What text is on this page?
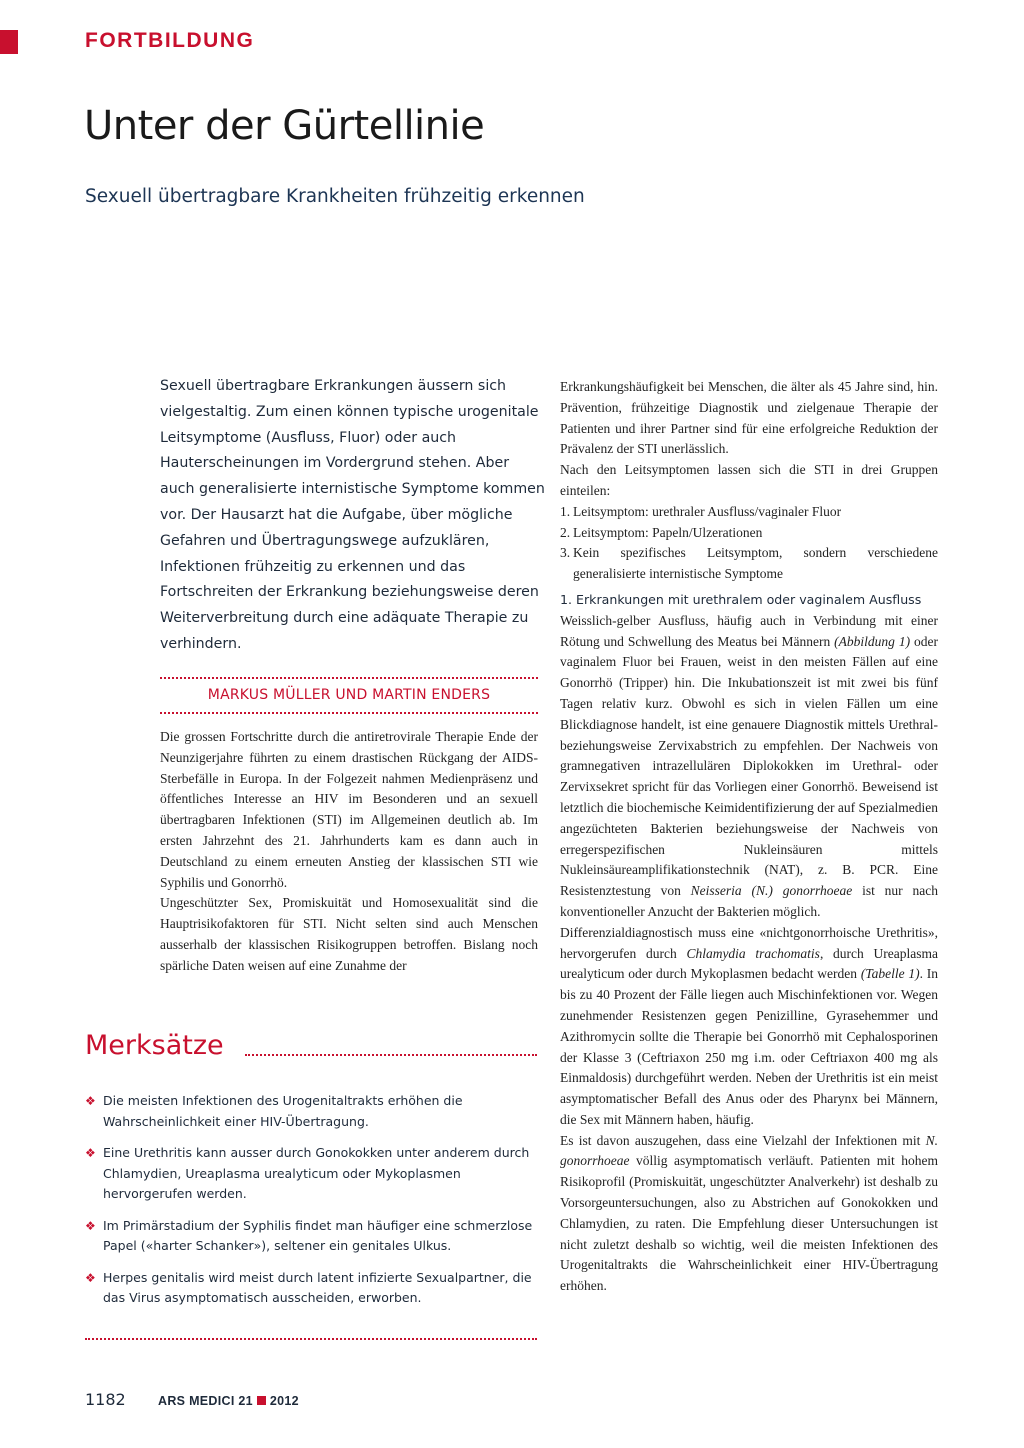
FORTBILDUNG
Unter der Gürtellinie
Sexuell übertragbare Krankheiten frühzeitig erkennen

Sexuell übertragbare Erkrankungen äussern sich vielgestaltig. Zum einen können typische urogenitale Leitsymptome (Ausfluss, Fluor) oder auch Hauterscheinungen im Vordergrund stehen. Aber auch generalisierte internistische Symptome kommen vor. Der Hausarzt hat die Aufgabe, über mögliche Gefahren und Übertragungswege aufzuklären, Infektionen frühzeitig zu erkennen und das Fortschreiten der Erkrankung beziehungsweise deren Weiterverbreitung durch eine adäquate Therapie zu verhindern.

MARKUS MÜLLER UND MARTIN ENDERS

Die grossen Fortschritte durch die antiretrovirale Therapie Ende der Neunzigerjahre führten zu einem drastischen Rückgang der AIDS-Sterbefälle in Europa. In der Folgezeit nahmen Medienpräsenz und öffentliches Interesse an HIV im Besonderen und an sexuell übertragbaren Infektionen (STI) im Allgemeinen deutlich ab. Im ersten Jahrzehnt des 21. Jahrhunderts kam es dann auch in Deutschland zu einem erneuten Anstieg der klassischen STI wie Syphilis und Gonorrhö.

Ungeschützter Sex, Promiskuität und Homosexualität sind die Hauptrisikofaktoren für STI. Nicht selten sind auch Menschen ausserhalb der klassischen Risikogruppen betroffen. Bislang noch spärliche Daten weisen auf eine Zunahme der

Merksätze
❖ Die meisten Infektionen des Urogenitaltrakts erhöhen die Wahrscheinlichkeit einer HIV-Übertragung.
❖ Eine Urethritis kann ausser durch Gonokokken unter anderem durch Chlamydien, Ureaplasma urealyticum oder Mykoplasmen hervorgerufen werden.
❖ Im Primärstadium der Syphilis findet man häufiger eine schmerzlose Papel («harter Schanker»), seltener ein genitales Ulkus.
❖ Herpes genitalis wird meist durch latent infizierte Sexualpartner, die das Virus asymptomatisch ausscheiden, erworben.

Erkrankungshäufigkeit bei Menschen, die älter als 45 Jahre sind, hin. Prävention, frühzeitige Diagnostik und zielgenaue Therapie der Patienten und ihrer Partner sind für eine erfolgreiche Reduktion der Prävalenz der STI unerlässlich.

Nach den Leitsymptomen lassen sich die STI in drei Gruppen einteilen:

1. Leitsymptom: urethraler Ausfluss/vaginaler Fluor
2. Leitsymptom: Papeln/Ulzerationen
3. Kein spezifisches Leitsymptom, sondern verschiedene generalisierte internistische Symptome
1. Erkrankungen mit urethralem oder vaginalem Ausfluss

Weisslich-gelber Ausfluss, häufig auch in Verbindung mit einer Rötung und Schwellung des Meatus bei Männern (Abbildung 1) oder vaginalem Fluor bei Frauen, weist in den meisten Fällen auf eine Gonorrhö (Tripper) hin. Die Inkubationszeit ist mit zwei bis fünf Tagen relativ kurz. Obwohl es sich in vielen Fällen um eine Blickdiagnose handelt, ist eine genauere Diagnostik mittels Urethral- beziehungsweise Zervixabstrich zu empfehlen. Der Nachweis von gramnegativen intrazellulären Diplokokken im Urethral- oder Zervixsekret spricht für das Vorliegen einer Gonorrhö. Beweisend ist letztlich die biochemische Keimidentifizierung der auf Spezialmedien angezüchteten Bakterien beziehungsweise der Nachweis von erregerspezifischen Nukleinsäuren mittels Nukleinsäureamplifikationstechnik (NAT), z. B. PCR. Eine Resistenztestung von Neisseria (N.) gonorrhoeae ist nur nach konventioneller Anzucht der Bakterien möglich.

Differenzialdiagnostisch muss eine «nichtgonorrhoische Urethritis», hervorgerufen durch Chlamydia trachomatis, durch Ureaplasma urealyticum oder durch Mykoplasmen bedacht werden (Tabelle 1). In bis zu 40 Prozent der Fälle liegen auch Mischinfektionen vor. Wegen zunehmender Resistenzen gegen Penizilline, Gyrasehemmer und Azithromycin sollte die Therapie bei Gonorrhö mit Cephalosporinen der Klasse 3 (Ceftriaxon 250 mg i.m. oder Ceftriaxon 400 mg als Einmaldosis) durchgeführt werden. Neben der Urethritis ist ein meist asymptomatischer Befall des Anus oder des Pharynx bei Männern, die Sex mit Männern haben, häufig.

Es ist davon auszugehen, dass eine Vielzahl der Infektionen mit N. gonorrhoeae völlig asymptomatisch verläuft. Patienten mit hohem Risikoprofil (Promiskuität, ungeschützter Analverkehr) ist deshalb zu Vorsorgeuntersuchungen, also zu Abstrichen auf Gonokokken und Chlamydien, zu raten. Die Empfehlung dieser Untersuchungen ist nicht zuletzt deshalb so wichtig, weil die meisten Infektionen des Urogenitaltrakts die Wahrscheinlichkeit einer HIV-Übertragung erhöhen.

1182	ARS MEDICI 21 2012
